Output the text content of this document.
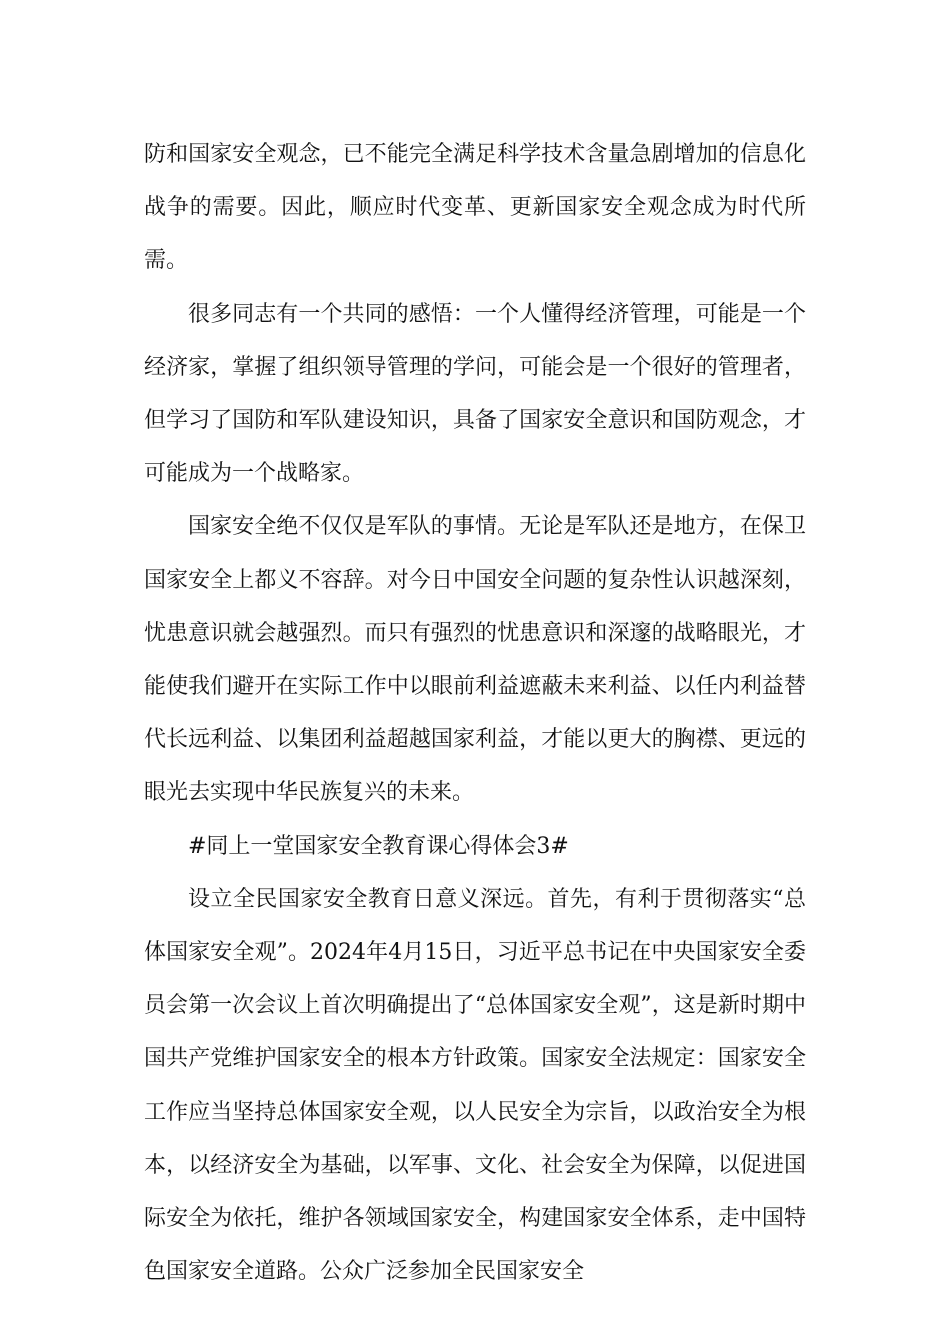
防和国家安全观念，已不能完全满足科学技术含量急剧增加的信息化战争的需要。因此，顺应时代变革、更新国家安全观念成为时代所需。

很多同志有一个共同的感悟：一个人懂得经济管理，可能是一个经济家，掌握了组织领导管理的学问，可能会是一个很好的管理者，但学习了国防和军队建设知识，具备了国家安全意识和国防观念，才可能成为一个战略家。

国家安全绝不仅仅是军队的事情。无论是军队还是地方，在保卫国家安全上都义不容辞。对今日中国安全问题的复杂性认识越深刻，忧患意识就会越强烈。而只有强烈的忧患意识和深邃的战略眼光，才能使我们避开在实际工作中以眼前利益遮蔽未来利益、以任内利益替代长远利益、以集团利益超越国家利益，才能以更大的胸襟、更远的眼光去实现中华民族复兴的未来。

#同上一堂国家安全教育课心得体会3#

设立全民国家安全教育日意义深远。首先，有利于贯彻落实“总体国家安全观”。2024年4月15日，习近平总书记在中央国家安全委员会第一次会议上首次明确提出了“总体国家安全观”，这是新时期中国共产党维护国家安全的根本方针政策。国家安全法规定：国家安全工作应当坚持总体国家安全观，以人民安全为宗旨，以政治安全为根本，以经济安全为基础，以军事、文化、社会安全为保障，以促进国际安全为依托，维护各领域国家安全，构建国家安全体系，走中国特色国家安全道路。公众广泛参加全民国家安全
